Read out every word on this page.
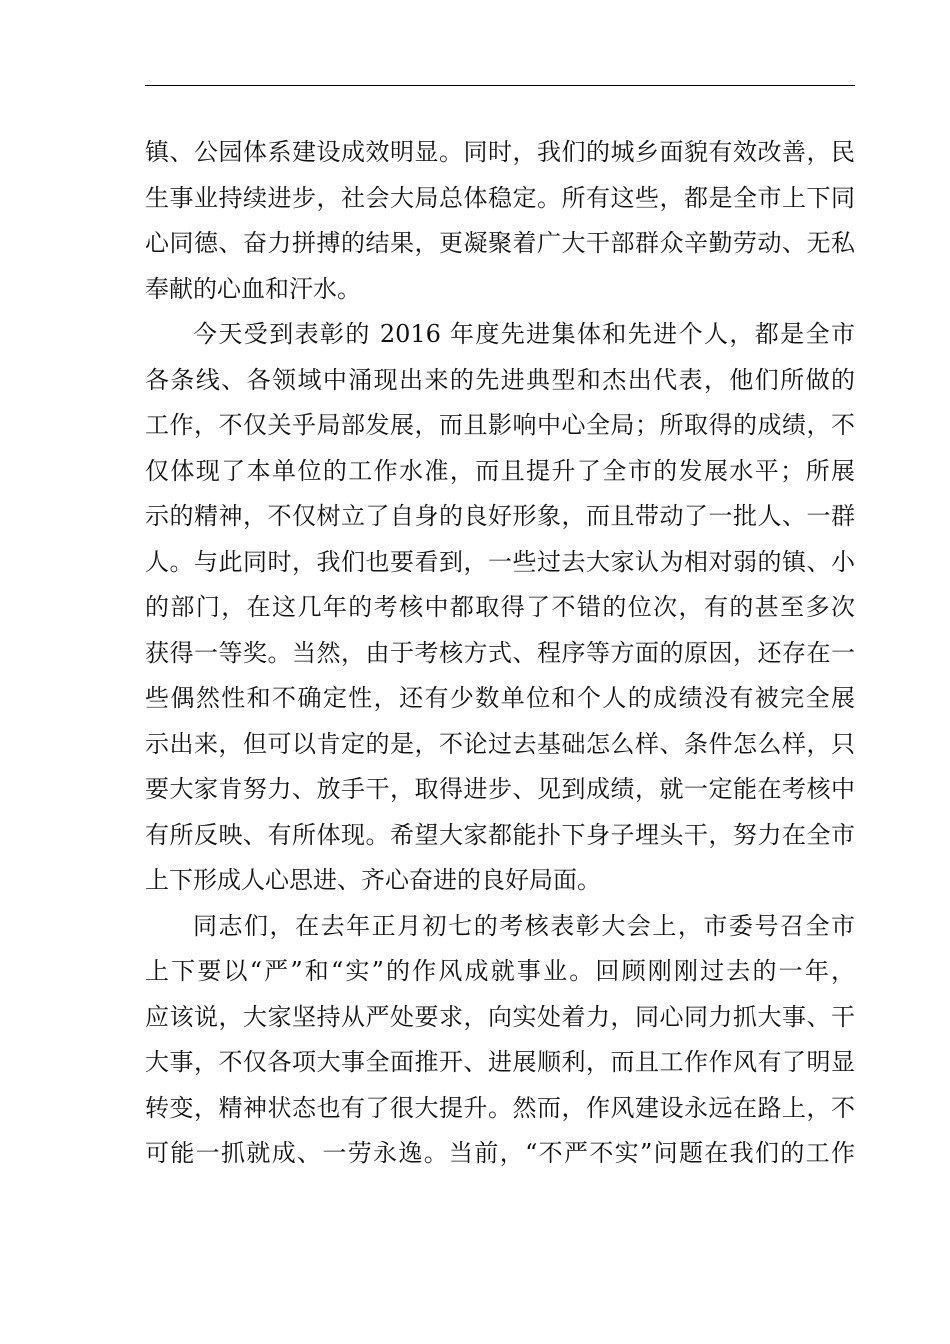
镇、公园体系建设成效明显。同时，我们的城乡面貌有效改善，民
生事业持续进步，社会大局总体稳定。所有这些，都是全市上下同
心同德、奋力拼搏的结果，更凝聚着广大干部群众辛勤劳动、无私
奉献的心血和汗水。
今天受到表彰的 2016 年度先进集体和先进个人，都是全市
各条线、各领域中涌现出来的先进典型和杰出代表，他们所做的
工作，不仅关乎局部发展，而且影响中心全局；所取得的成绩，不
仅体现了本单位的工作水准，而且提升了全市的发展水平；所展
示的精神，不仅树立了自身的良好形象，而且带动了一批人、一群
人。与此同时，我们也要看到，一些过去大家认为相对弱的镇、小
的部门，在这几年的考核中都取得了不错的位次，有的甚至多次
获得一等奖。当然，由于考核方式、程序等方面的原因，还存在一
些偶然性和不确定性，还有少数单位和个人的成绩没有被完全展
示出来，但可以肯定的是，不论过去基础怎么样、条件怎么样，只
要大家肯努力、放手干，取得进步、见到成绩，就一定能在考核中
有所反映、有所体现。希望大家都能扑下身子埋头干，努力在全市
上下形成人心思进、齐心奋进的良好局面。
同志们，在去年正月初七的考核表彰大会上，市委号召全市
上下要以“严”和“实”的作风成就事业。回顾刚刚过去的一年，
应该说，大家坚持从严处要求，向实处着力，同心同力抓大事、干
大事，不仅各项大事全面推开、进展顺利，而且工作作风有了明显
转变，精神状态也有了很大提升。然而，作风建设永远在路上，不
可能一抓就成、一劳永逸。当前，“不严不实”问题在我们的工作
